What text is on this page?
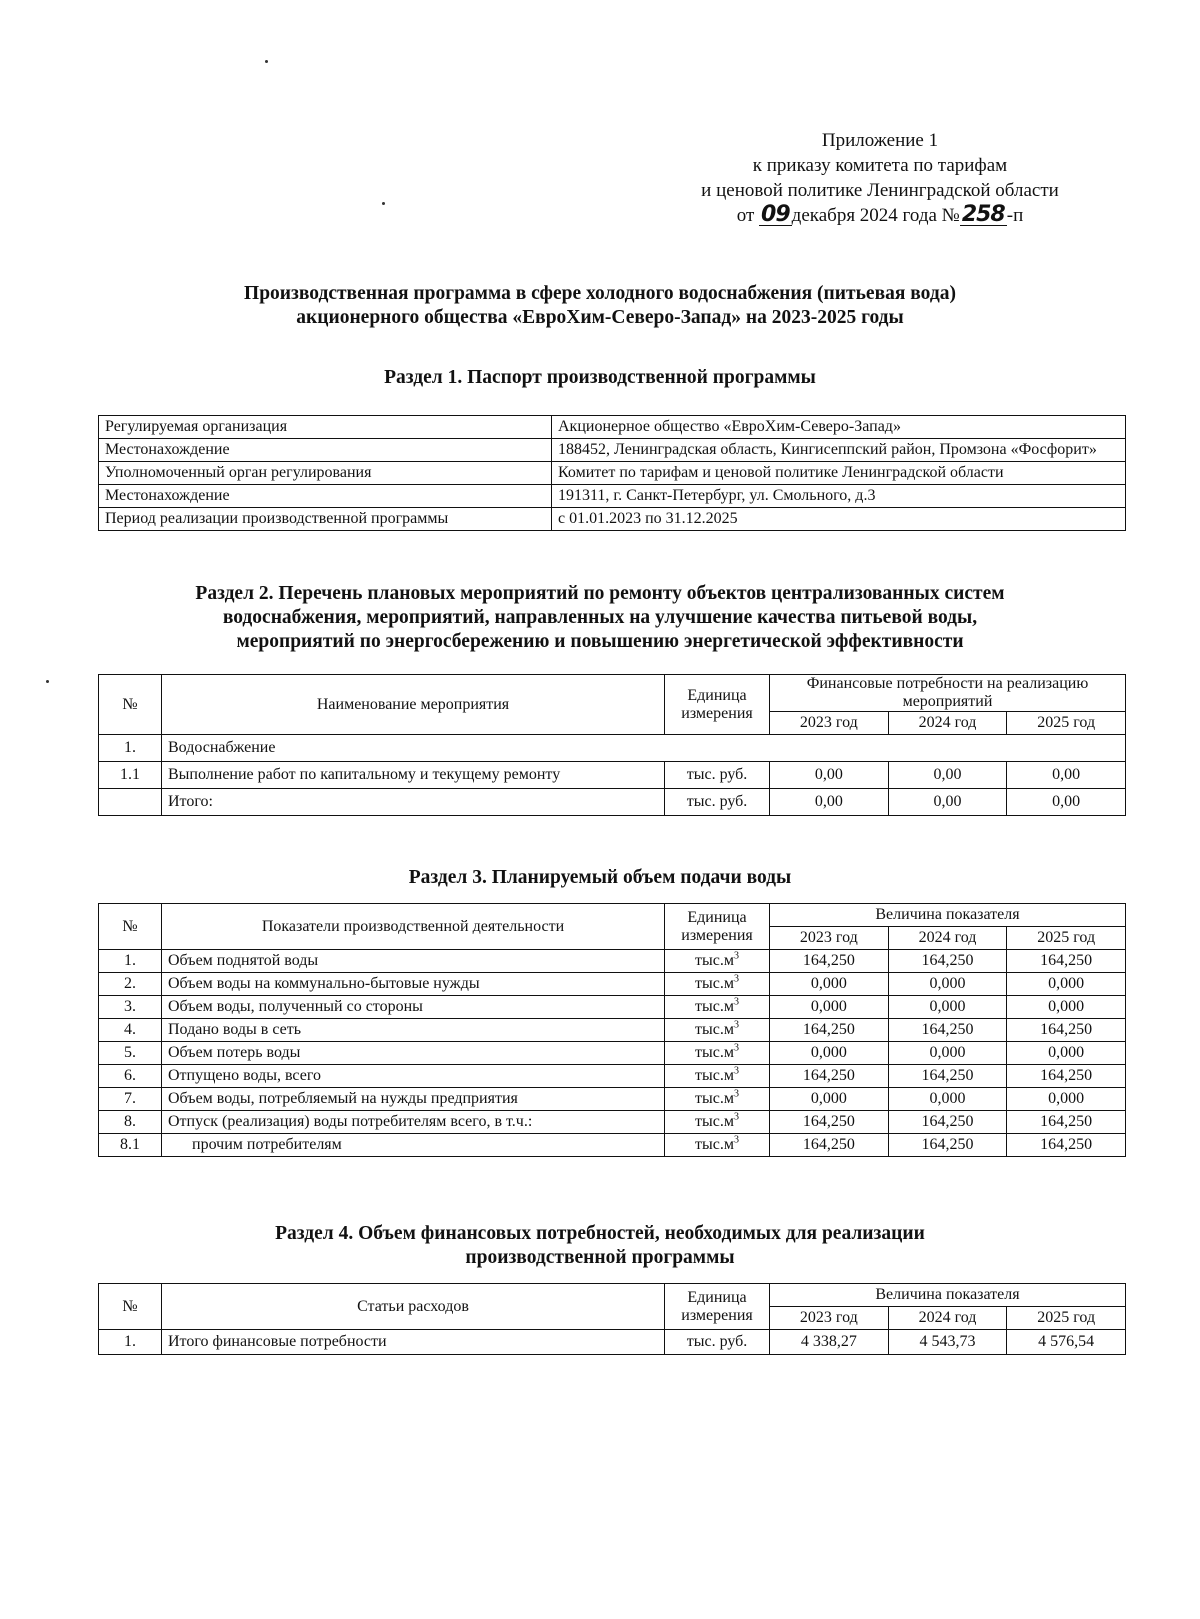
Приложение 1
к приказу комитета по тарифам
и ценовой политике Ленинградской области
от 09 декабря 2024 года №258 -п
Производственная программа в сфере холодного водоснабжения (питьевая вода)
акционерного общества «ЕвроХим-Северо-Запад» на 2023-2025 годы
Раздел 1. Паспорт производственной программы
Регулируемая организация	Акционерное общество «ЕвроХим-Северо-Запад»
Местонахождение	188452, Ленинградская область, Кингисеппский район, Промзона «Фосфорит»
Уполномоченный орган регулирования	Комитет по тарифам и ценовой политике Ленинградской области
Местонахождение	191311, г. Санкт-Петербург, ул. Смольного, д.3
Период реализации производственной программы	с 01.01.2023 по 31.12.2025
Раздел 2. Перечень плановых мероприятий по ремонту объектов централизованных систем
водоснабжения, мероприятий, направленных на улучшение качества питьевой воды,
мероприятий по энергосбережению и повышению энергетической эффективности
№	Наименование мероприятия	Единица измерения	Финансовые потребности на реализацию мероприятий		
			2023 год	2024 год	2025 год
1.	Водоснабжение				
1.1	Выполнение работ по капитальному и текущему ремонту	тыс. руб.	0,00	0,00	0,00
	Итого:	тыс. руб.	0,00	0,00	0,00
Раздел 3. Планируемый объем подачи воды
№	Показатели производственной деятельности	Единица измерения	Величина показателя		
			2023 год	2024 год	2025 год
1.	Объем поднятой воды	$тыс.м^3$	164,250	164,250	164,250
2.	Объем воды на коммунально-бытовые нужды	$тыс.м^3$	0,000	0,000	0,000
3.	Объем воды, полученный со стороны	$тыс.м^3$	0,000	0,000	0,000
4.	Подано воды в сеть	$тыс.м^3$	164,250	164,250	164,250
5.	Объем потерь воды	$тыс.м^3$	0,000	0,000	0,000
6.	Отпущено воды, всего	$тыс.м^3$	164,250	164,250	164,250
7.	Объем воды, потребляемый на нужды предприятия	$тыс.м^3$	0,000	0,000	0,000
8.	Отпуск (реализация) воды потребителям всего, в т.ч.:	$тыс.м^3$	164,250	164,250	164,250
8.1	прочим потребителям	$тыс.м^3$	164,250	164,250	164,250
Раздел 4. Объем финансовых потребностей, необходимых для реализации
производственной программы
№	Статьи расходов	Единица измерения	Величина показателя		
			2023 год	2024 год	2025 год
1.	Итого финансовые потребности	тыс. руб.	4 338,27	4 543,73	4 576,54
